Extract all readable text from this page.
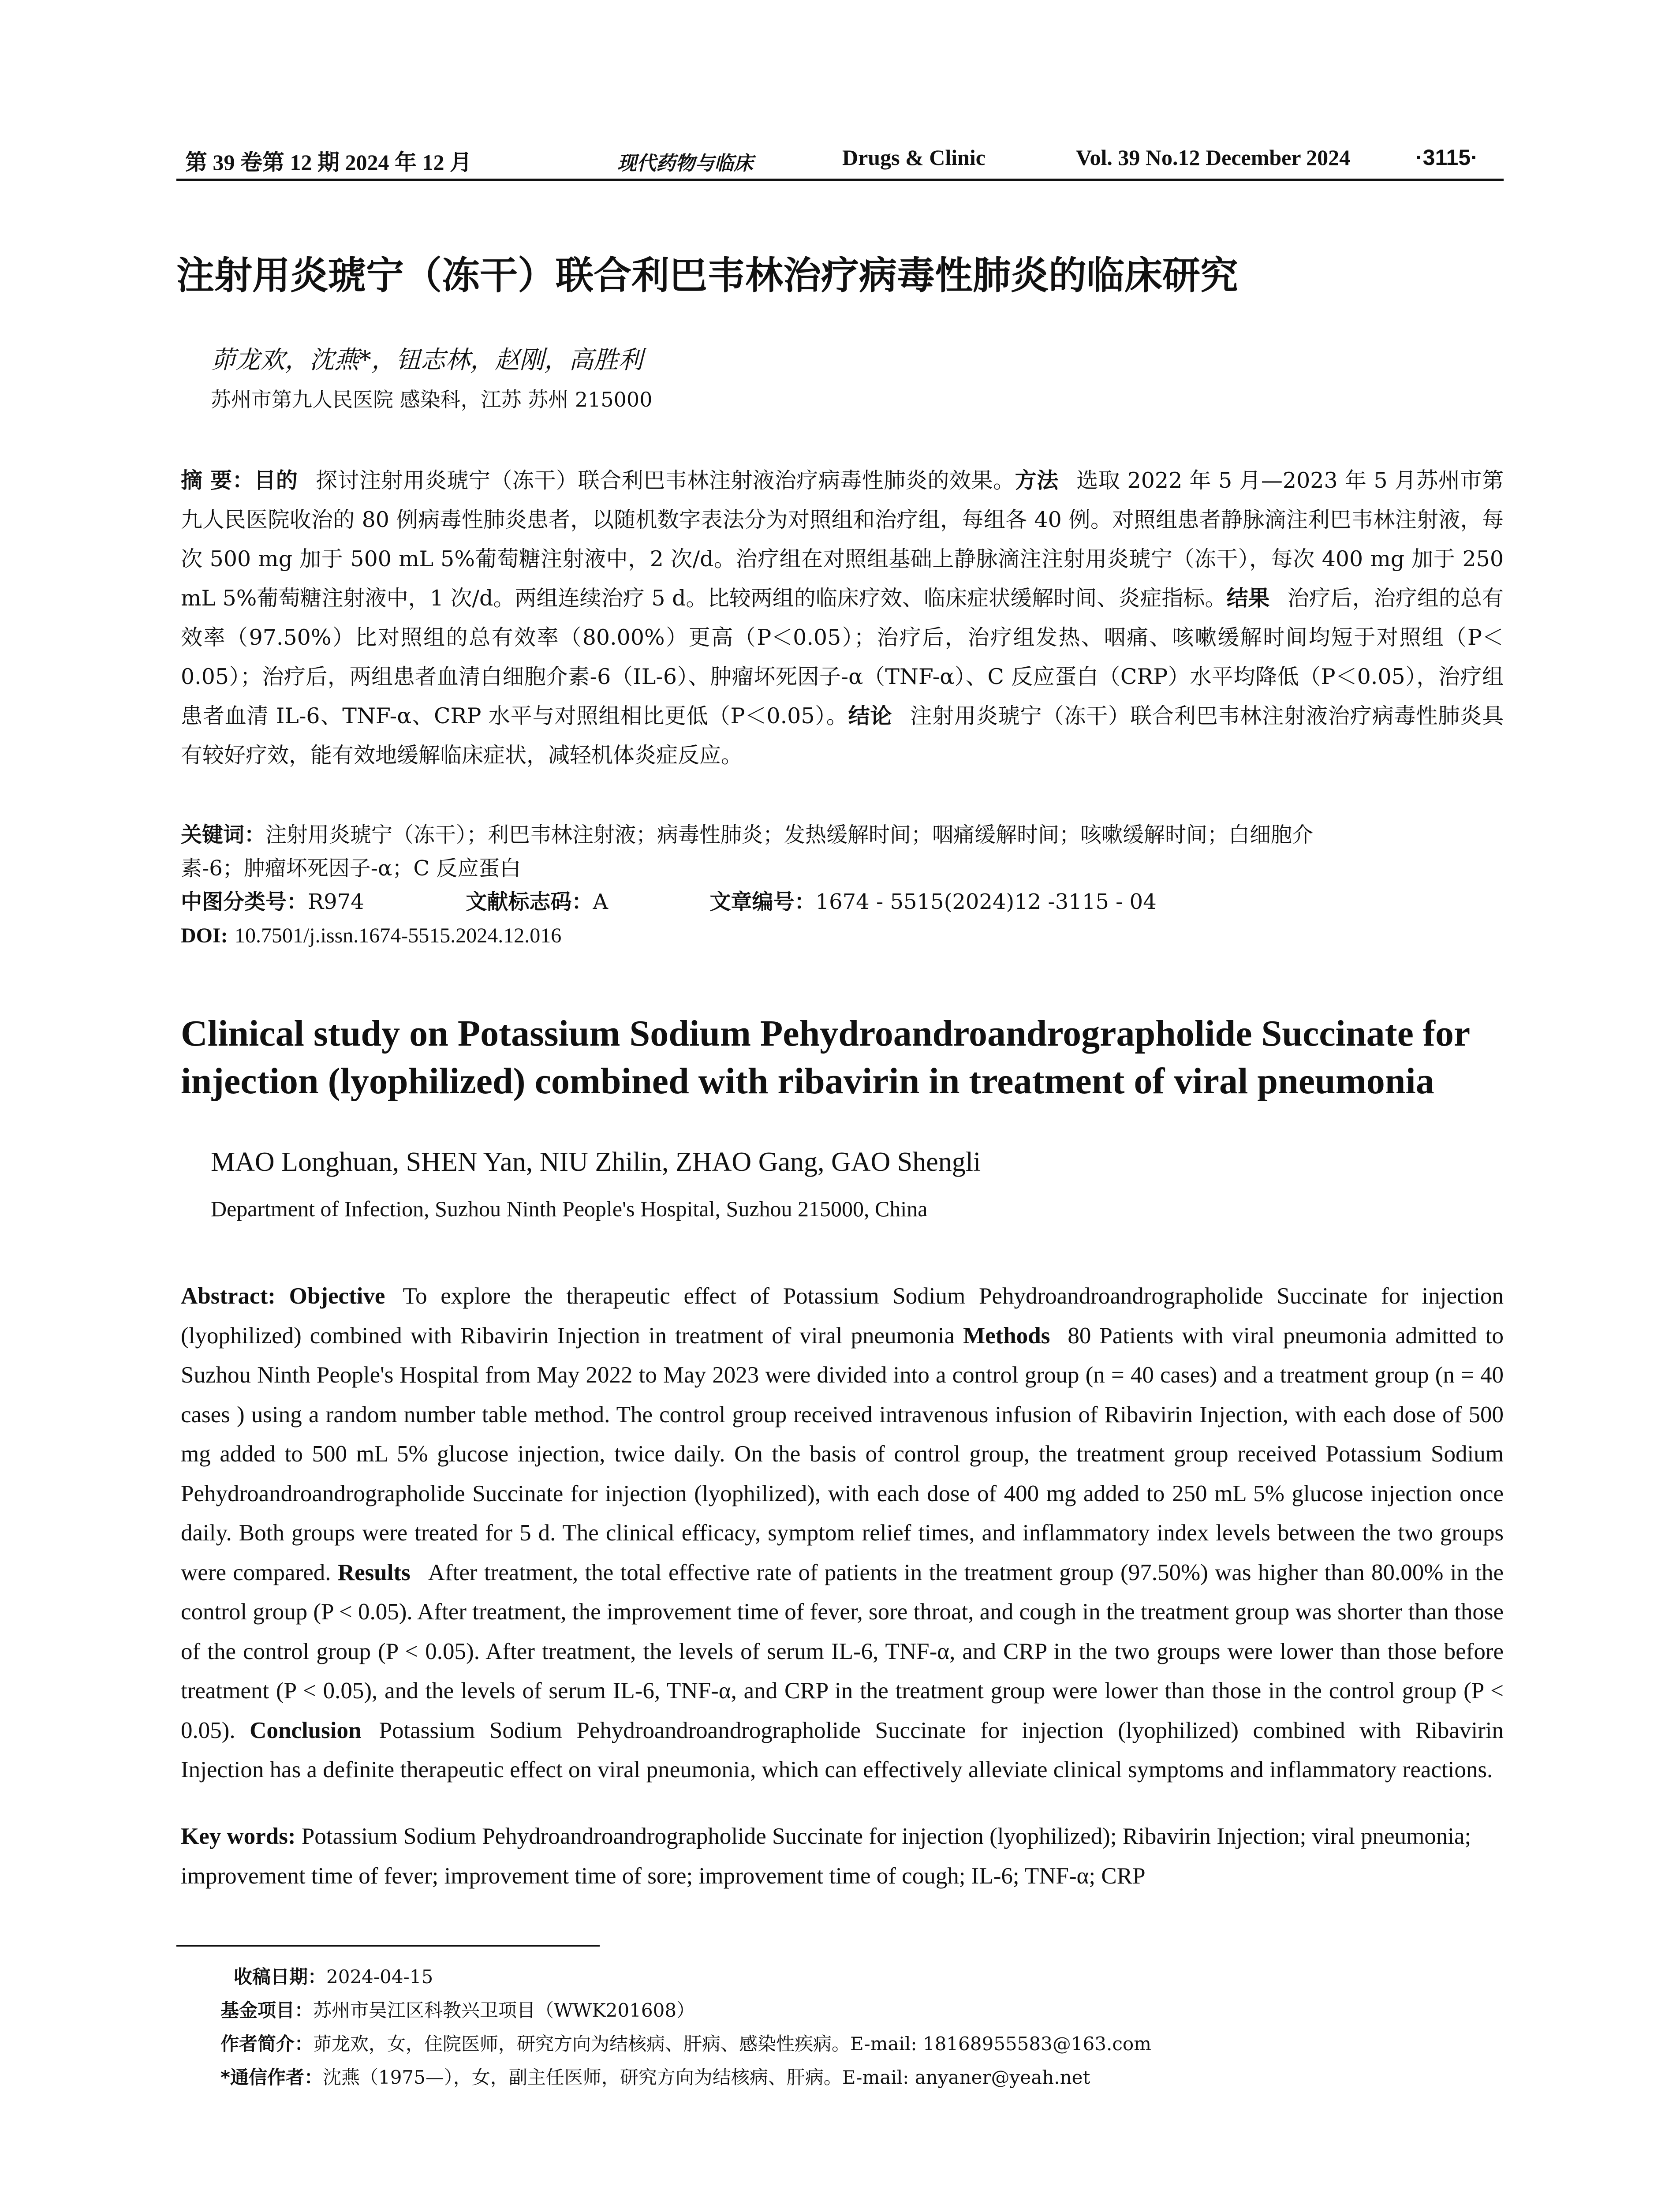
第 39 卷第 12 期 2024 年 12 月	现代药物与临床	Drugs & Clinic	Vol. 39 No.12 December 2024	·3115·
注射用炎琥宁（冻干）联合利巴韦林治疗病毒性肺炎的临床研究
茆龙欢，沈燕*，钮志林，赵刚，高胜利
苏州市第九人民医院 感染科，江苏 苏州 215000
摘 要：目的 探讨注射用炎琥宁（冻干）联合利巴韦林注射液治疗病毒性肺炎的效果。方法 选取 2022 年 5 月—2023 年 5 月苏州市第九人民医院收治的 80 例病毒性肺炎患者，以随机数字表法分为对照组和治疗组，每组各 40 例。对照组患者静脉滴注利巴韦林注射液，每次 500 mg 加于 500 mL 5%葡萄糖注射液中，2 次/d。治疗组在对照组基础上静脉滴注注射用炎琥宁（冻干），每次 400 mg 加于 250 mL 5%葡萄糖注射液中，1 次/d。两组连续治疗 5 d。比较两组的临床疗效、临床症状缓解时间、炎症指标。结果 治疗后，治疗组的总有效率（97.50%）比对照组的总有效率（80.00%）更高（P＜0.05）；治疗后，治疗组发热、咽痛、咳嗽缓解时间均短于对照组（P＜0.05）；治疗后，两组患者血清白细胞介素-6（IL-6）、肿瘤坏死因子-α（TNF-α）、C 反应蛋白（CRP）水平均降低（P＜0.05），治疗组患者血清 IL-6、TNF-α、CRP 水平与对照组相比更低（P＜0.05）。结论 注射用炎琥宁（冻干）联合利巴韦林注射液治疗病毒性肺炎具有较好疗效，能有效地缓解临床症状，减轻机体炎症反应。
关键词：注射用炎琥宁（冻干）；利巴韦林注射液；病毒性肺炎；发热缓解时间；咽痛缓解时间；咳嗽缓解时间；白细胞介
素-6；肿瘤坏死因子-α；C 反应蛋白
中图分类号：R974	文献标志码：A	文章编号：1674 - 5515(2024)12 -3115 - 04
DOI: 10.7501/j.issn.1674-5515.2024.12.016
Clinical study on Potassium Sodium Pehydroandroandrographolide Succinate for injection (lyophilized) combined with ribavirin in treatment of viral pneumonia
MAO Longhuan, SHEN Yan, NIU Zhilin, ZHAO Gang, GAO Shengli
Department of Infection, Suzhou Ninth People's Hospital, Suzhou 215000, China
Abstract: Objective To explore the therapeutic effect of Potassium Sodium Pehydroandroandrographolide Succinate for injection (lyophilized) combined with Ribavirin Injection in treatment of viral pneumonia Methods 80 Patients with viral pneumonia admitted to Suzhou Ninth People's Hospital from May 2022 to May 2023 were divided into a control group (n = 40 cases) and a treatment group (n = 40 cases ) using a random number table method. The control group received intravenous infusion of Ribavirin Injection, with each dose of 500 mg added to 500 mL 5% glucose injection, twice daily. On the basis of control group, the treatment group received Potassium Sodium Pehydroandroandrographolide Succinate for injection (lyophilized), with each dose of 400 mg added to 250 mL 5% glucose injection once daily. Both groups were treated for 5 d. The clinical efficacy, symptom relief times, and inflammatory index levels between the two groups were compared. Results After treatment, the total effective rate of patients in the treatment group (97.50%) was higher than 80.00% in the control group (P < 0.05). After treatment, the improvement time of fever, sore throat, and cough in the treatment group was shorter than those of the control group (P < 0.05). After treatment, the levels of serum IL-6, TNF-α, and CRP in the two groups were lower than those before treatment (P < 0.05), and the levels of serum IL-6, TNF-α, and CRP in the treatment group were lower than those in the control group (P < 0.05). Conclusion Potassium Sodium Pehydroandroandrographolide Succinate for injection (lyophilized) combined with Ribavirin Injection has a definite therapeutic effect on viral pneumonia, which can effectively alleviate clinical symptoms and inflammatory reactions.
Key words: Potassium Sodium Pehydroandroandrographolide Succinate for injection (lyophilized); Ribavirin Injection; viral pneumonia; improvement time of fever; improvement time of sore; improvement time of cough; IL-6; TNF-α; CRP
收稿日期：2024-04-15
基金项目：苏州市吴江区科教兴卫项目（WWK201608）
作者简介：茆龙欢，女，住院医师，研究方向为结核病、肝病、感染性疾病。E-mail: 18168955583@163.com
*通信作者：沈燕（1975—），女，副主任医师，研究方向为结核病、肝病。E-mail: anyaner@yeah.net
